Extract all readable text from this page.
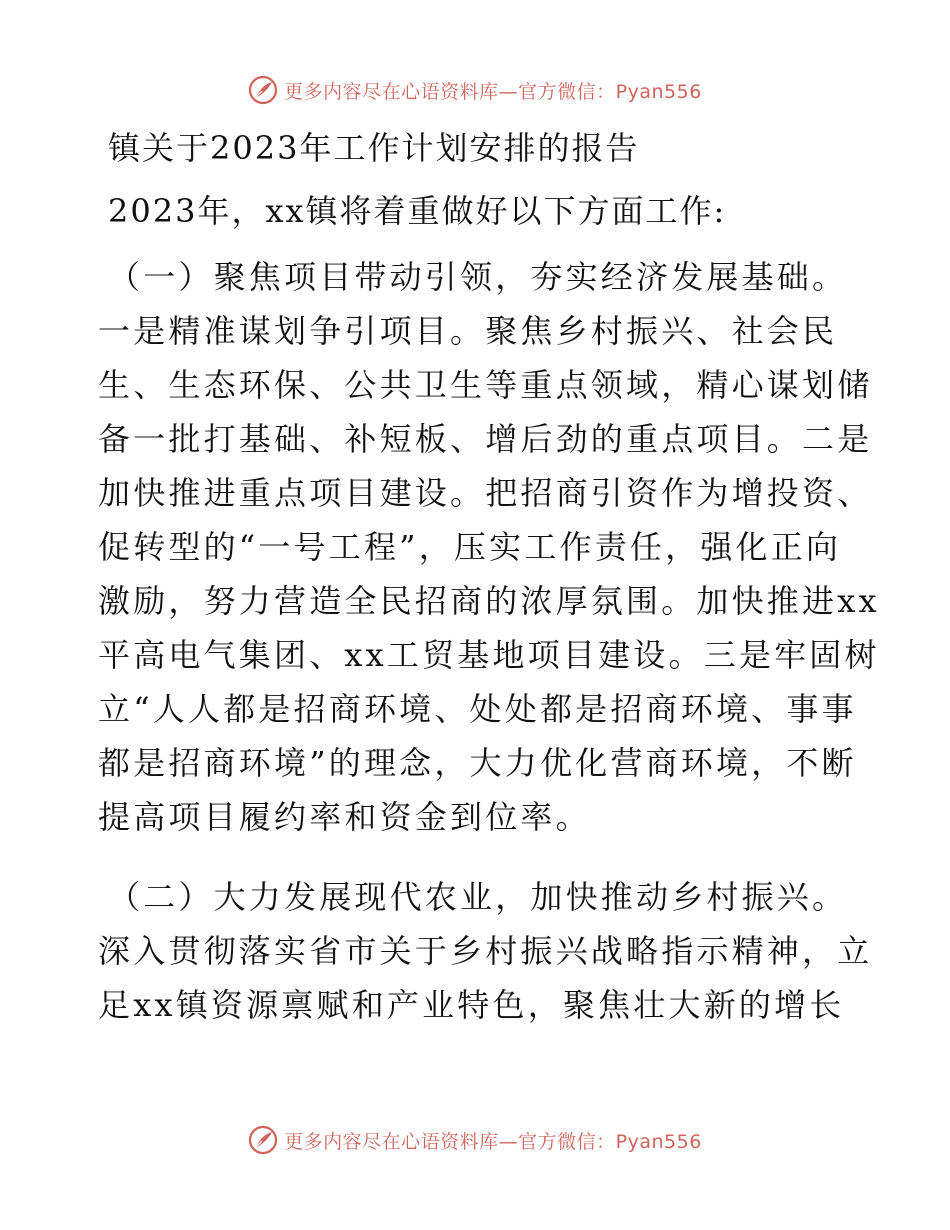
更多内容尽在心语资料库—官方微信：Pyan556

镇关于2023年工作计划安排的报告

2023年，xx镇将着重做好以下方面工作:

（一）聚焦项目带动引领，夯实经济发展基础。

一是精准谋划争引项目。聚焦乡村振兴、社会民

生、生态环保、公共卫生等重点领域，精心谋划储

备一批打基础、补短板、增后劲的重点项目。二是

加快推进重点项目建设。把招商引资作为增投资、

促转型的“一号工程”，压实工作责任，强化正向

激励，努力营造全民招商的浓厚氛围。加快推进xx

平高电气集团、xx工贸基地项目建设。三是牢固树

立“人人都是招商环境、处处都是招商环境、事事

都是招商环境”的理念，大力优化营商环境，不断

提高项目履约率和资金到位率。

（二）大力发展现代农业，加快推动乡村振兴。

深入贯彻落实省市关于乡村振兴战略指示精神，立

足xx镇资源禀赋和产业特色，聚焦壮大新的增长

更多内容尽在心语资料库—官方微信：Pyan556
